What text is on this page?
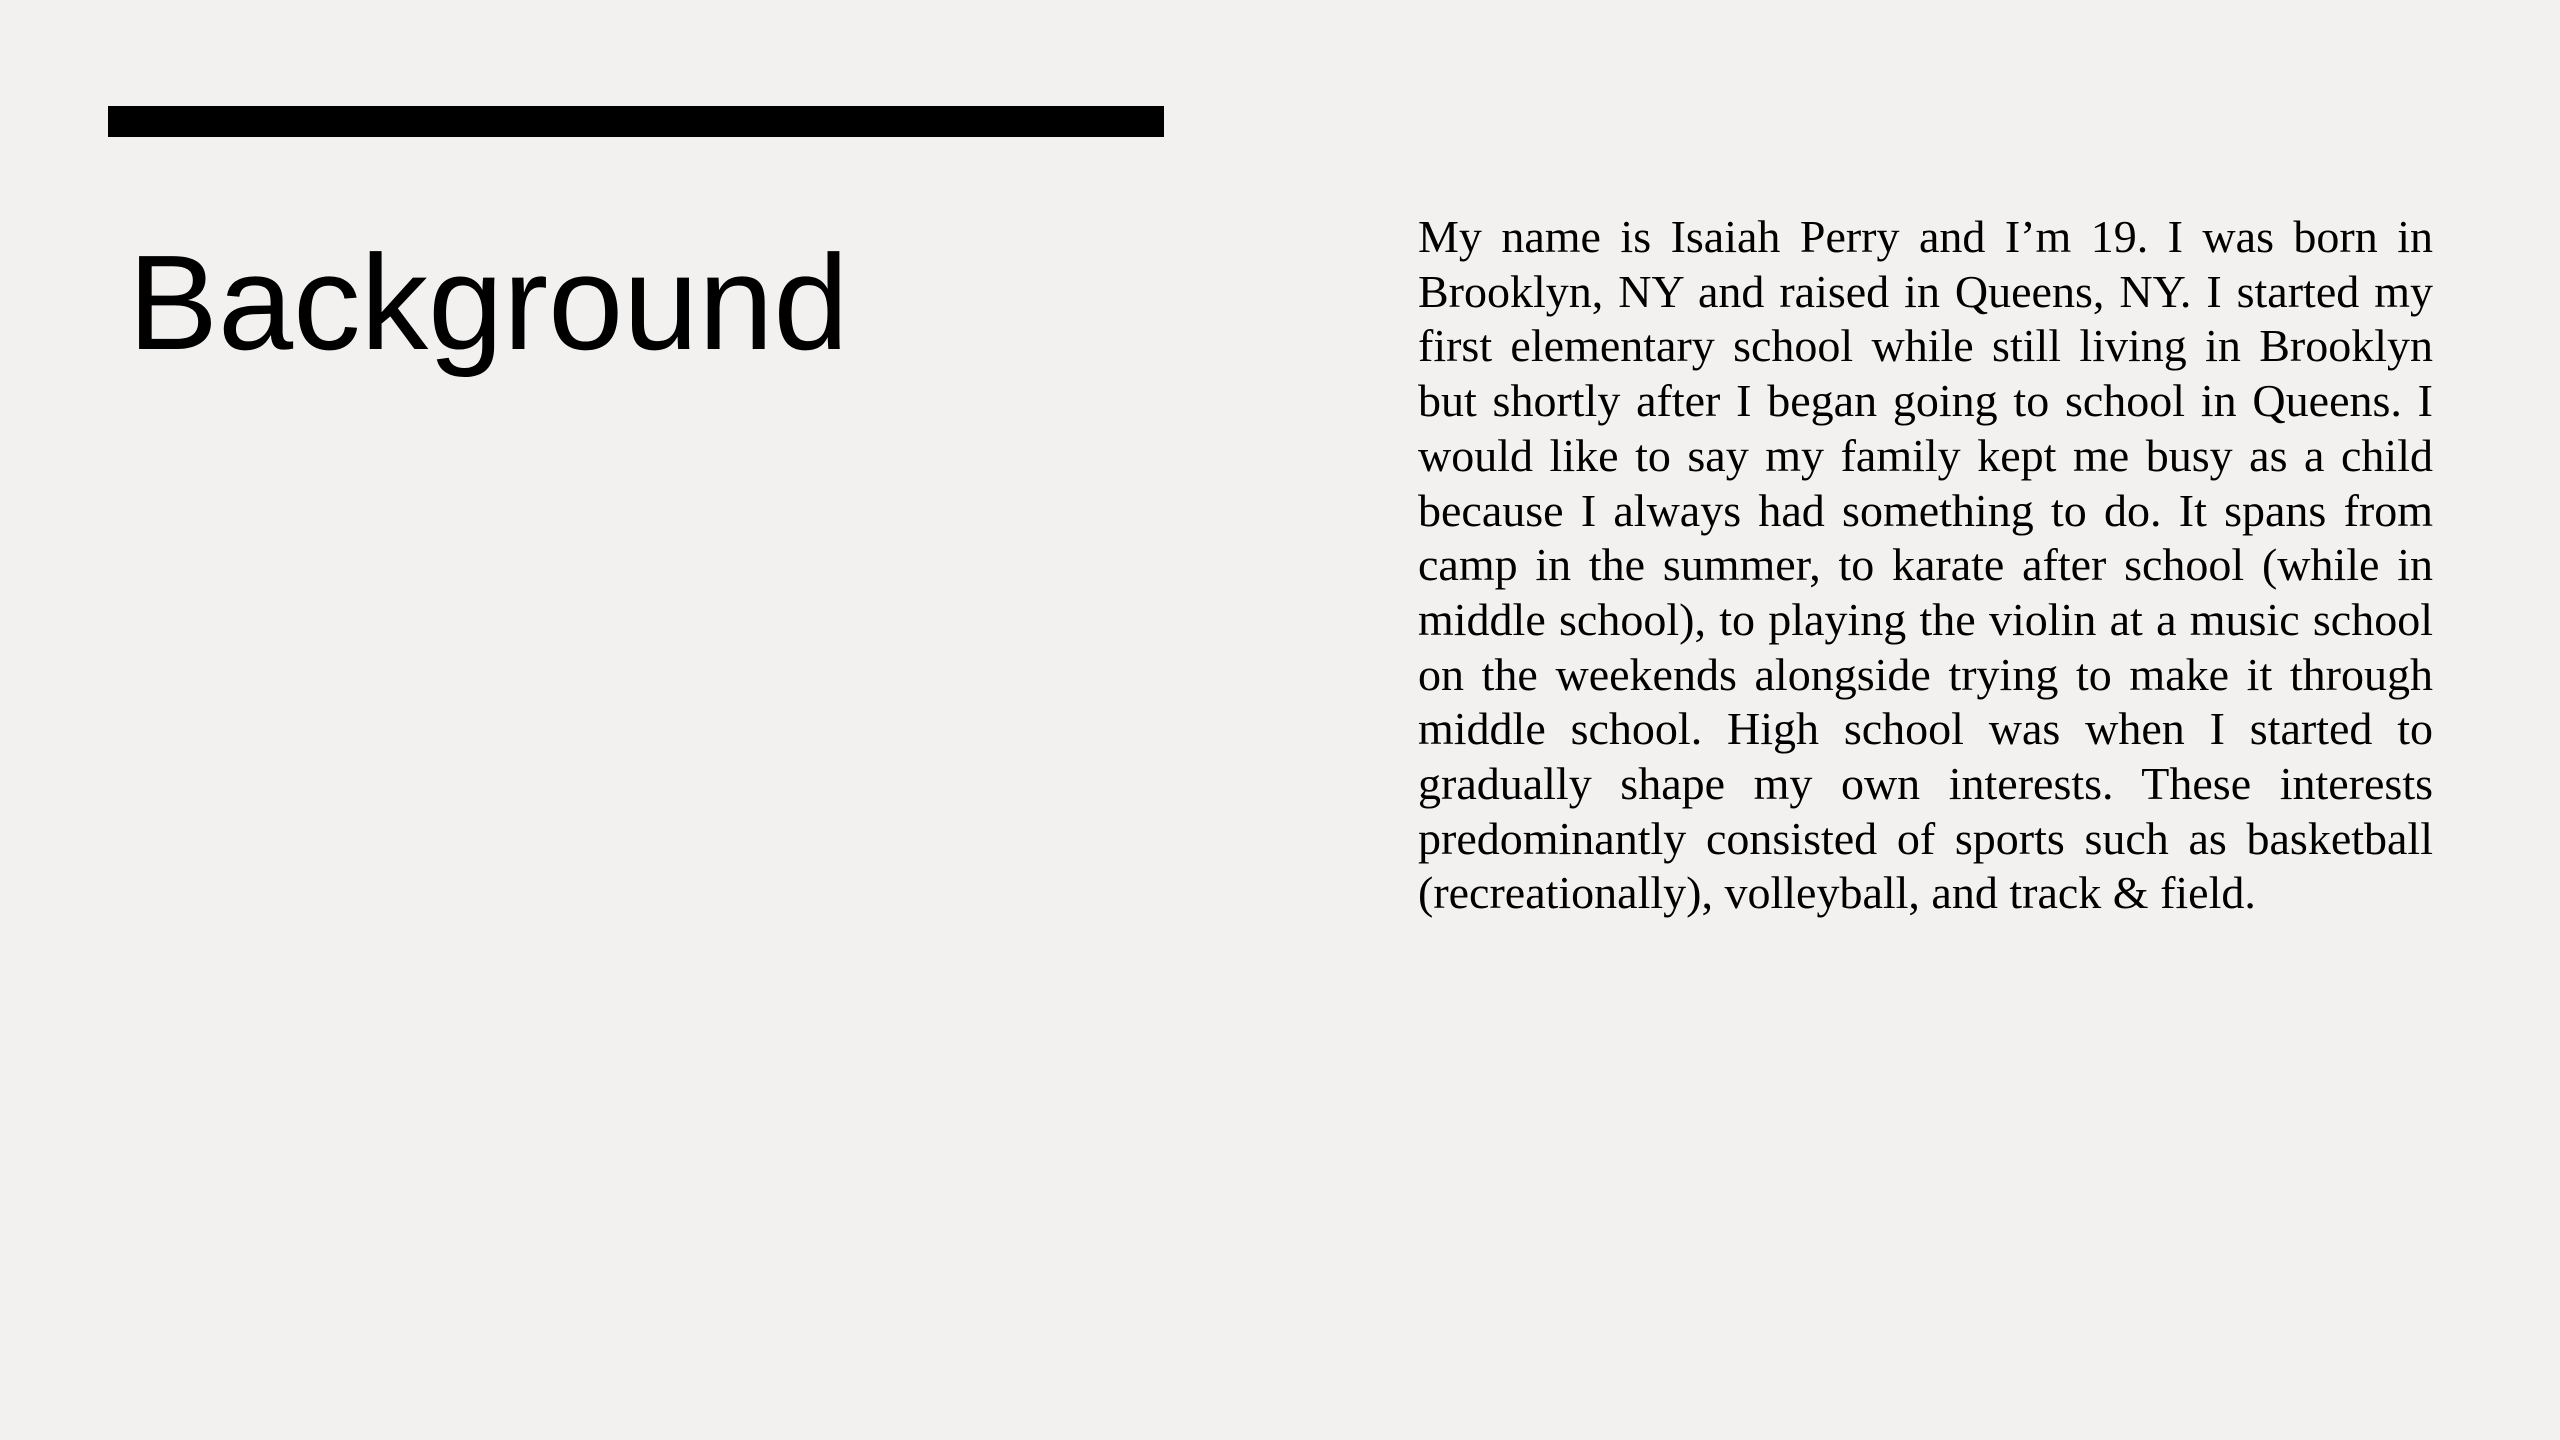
Background	My name is Isaiah Perry and I’m 19. I was born in Brooklyn, NY and raised in Queens, NY. I started my first elementary school while still living in Brooklyn but shortly after I began going to school in Queens. I would like to say my family kept me busy as a child because I always had something to do. It spans from camp in the summer, to karate after school (while in middle school), to playing the violin at a music school on the weekends alongside trying to make it through middle school. High school was when I started to gradually shape my own interests. These interests predominantly consisted of sports such as basketball (recreationally), volleyball, and track & field.
